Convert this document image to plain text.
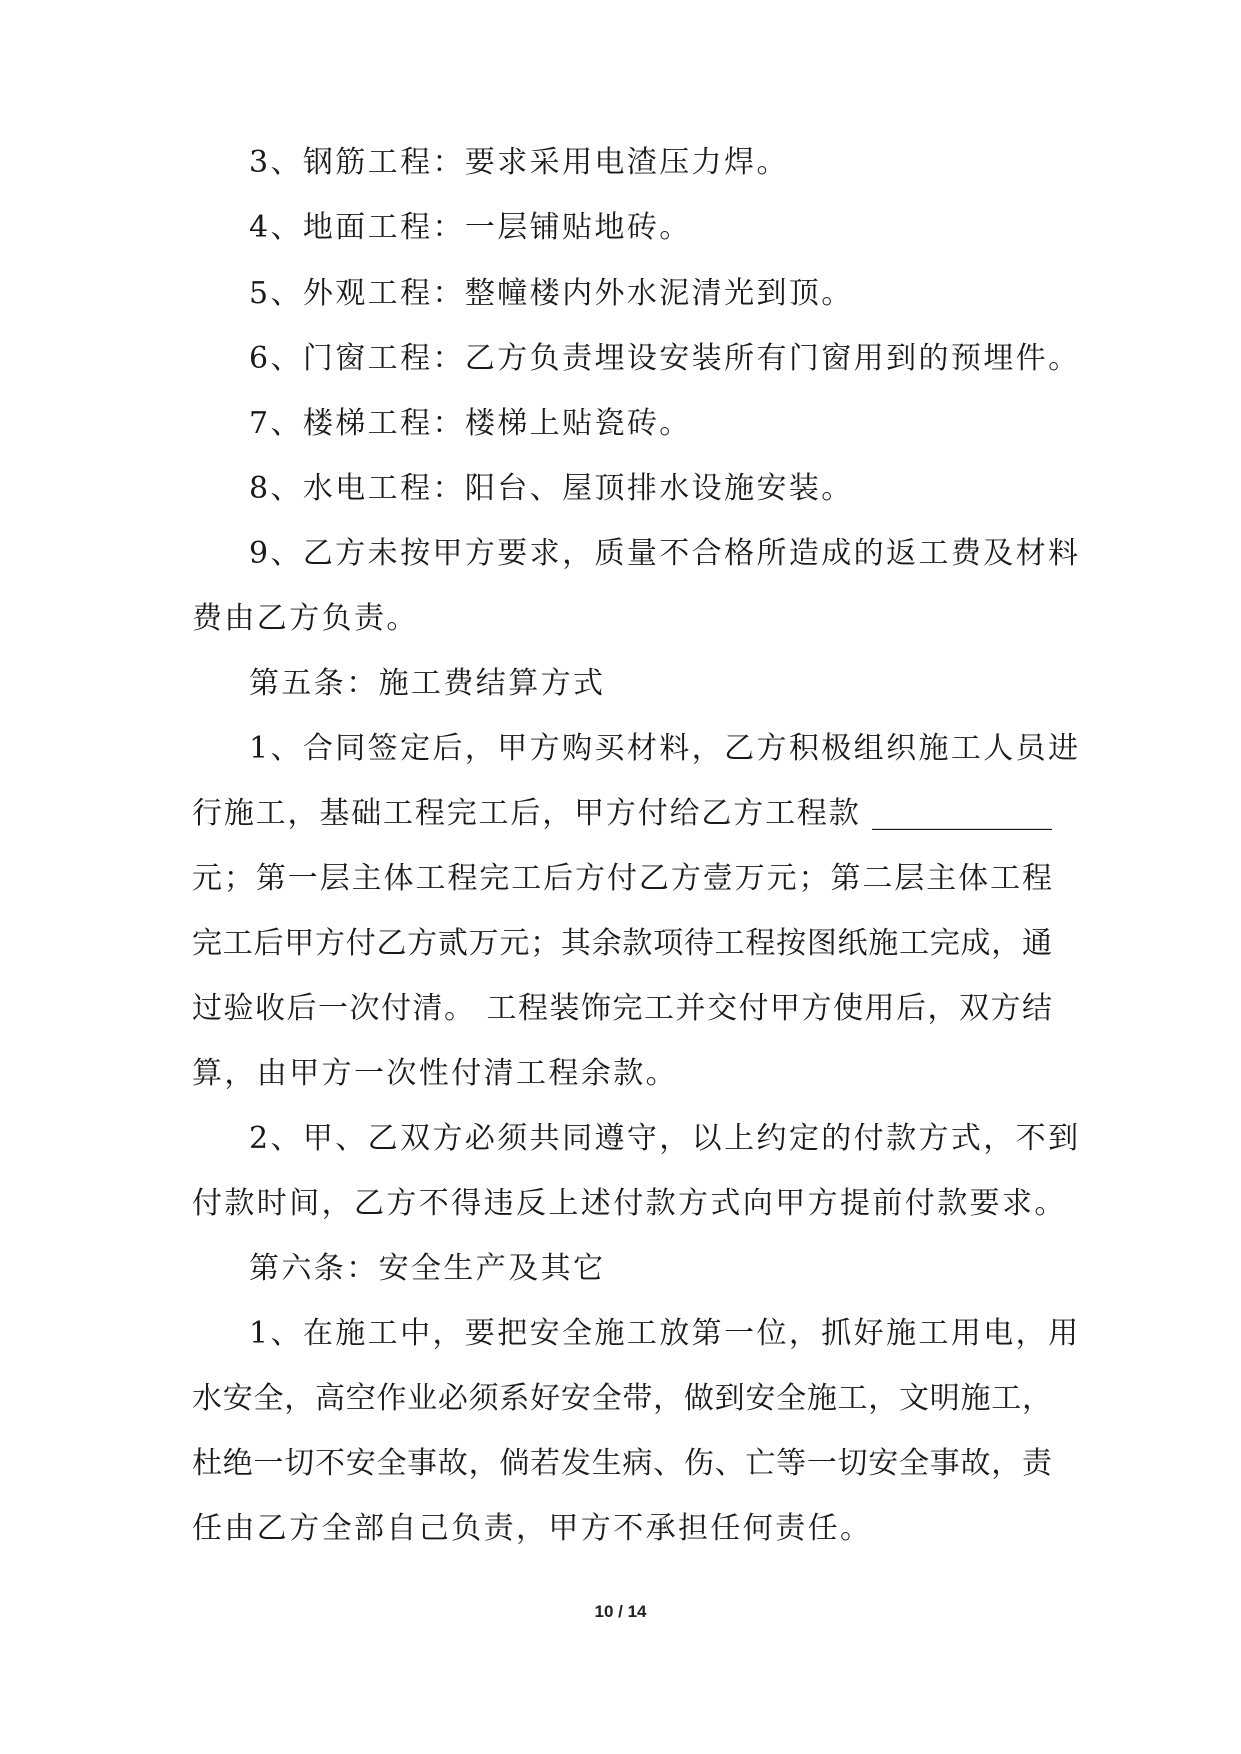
3、钢筋工程：要求采用电渣压力焊。
4、地面工程：一层铺贴地砖。
5、外观工程：整幢楼内外水泥清光到顶。
6、门窗工程：乙方负责埋设安装所有门窗用到的预埋件。
7、楼梯工程：楼梯上贴瓷砖。
8、水电工程：阳台、屋顶排水设施安装。
9、乙方未按甲方要求，质量不合格所造成的返工费及材料
费由乙方负责。
第五条：施工费结算方式
1、合同签定后，甲方购买材料，乙方积极组织施工人员进
行施工，基础工程完工后，甲方付给乙方工程款 ____________
元；第一层主体工程完工后方付乙方壹万元；第二层主体工程
完工后甲方付乙方贰万元；其余款项待工程按图纸施工完成，通
过验收后一次付清。 工程装饰完工并交付甲方使用后，双方结
算，由甲方一次性付清工程余款。
2、甲、乙双方必须共同遵守，以上约定的付款方式，不到
付款时间，乙方不得违反上述付款方式向甲方提前付款要求。
第六条：安全生产及其它
1、在施工中，要把安全施工放第一位，抓好施工用电，用
水安全，高空作业必须系好安全带，做到安全施工，文明施工，
杜绝一切不安全事故，倘若发生病、伤、亡等一切安全事故，责
任由乙方全部自己负责，甲方不承担任何责任。
10 / 14
